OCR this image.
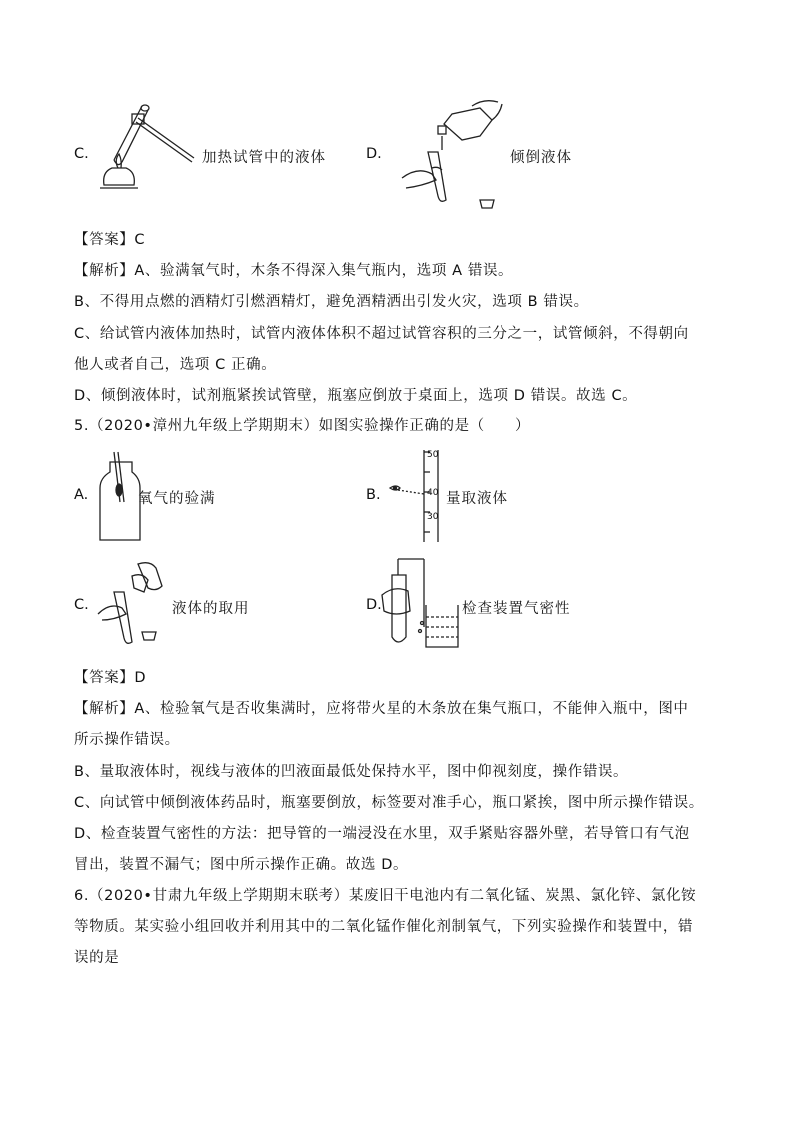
C.	加热试管中的液体	D.	倾倒液体
【答案】C
【解析】A、验满氧气时，木条不得深入集气瓶内，选项 A 错误。
B、不得用点燃的酒精灯引燃酒精灯，避免酒精洒出引发火灾，选项 B 错误。
C、给试管内液体加热时，试管内液体体积不超过试管容积的三分之一，试管倾斜，不得朝向
他人或者自己，选项 C 正确。
D、倾倒液体时，试剂瓶紧挨试管壁，瓶塞应倒放于桌面上，选项 D 错误。故选 C。
5.（2020•漳州九年级上学期期末）如图实验操作正确的是（　　）
A.	氧气的验满	B.
50
40
30
量取液体
C.	液体的取用	D.	检查装置气密性
【答案】D
【解析】A、检验氧气是否收集满时，应将带火星的木条放在集气瓶口，不能伸入瓶中，图中
所示操作错误。
B、量取液体时，视线与液体的凹液面最低处保持水平，图中仰视刻度，操作错误。
C、向试管中倾倒液体药品时，瓶塞要倒放，标签要对准手心，瓶口紧挨，图中所示操作错误。
D、检查装置气密性的方法：把导管的一端浸没在水里，双手紧贴容器外壁，若导管口有气泡
冒出，装置不漏气；图中所示操作正确。故选 D。
6.（2020•甘肃九年级上学期期末联考）某废旧干电池内有二氧化锰、炭黑、氯化锌、氯化铵
等物质。某实验小组回收并利用其中的二氧化锰作催化剂制氧气，下列实验操作和装置中，错
误的是
